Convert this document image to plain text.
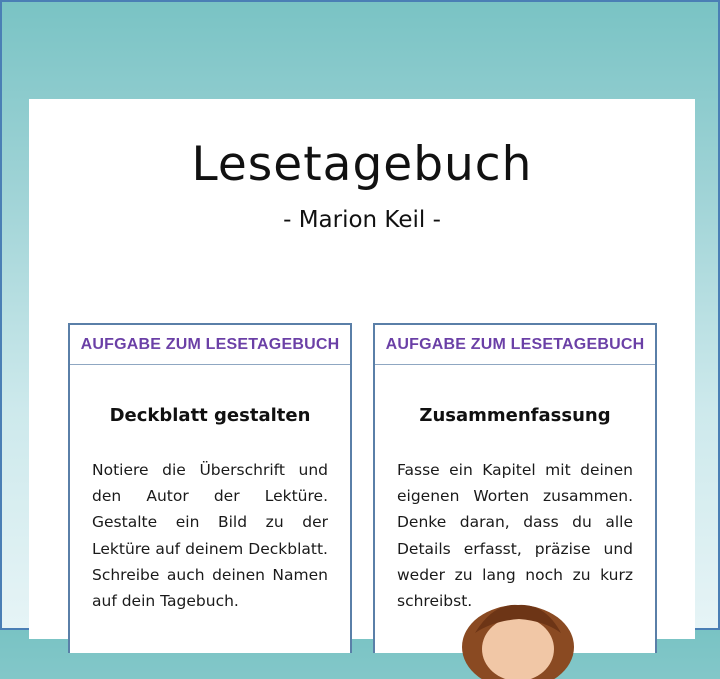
Lesetagebuch
- Marion Keil -
AUFGABE ZUM LESETAGEBUCH
Deckblatt gestalten
Notiere die Überschrift und den Autor der Lektüre. Gestalte ein Bild zu der Lektüre auf deinem Deckblatt. Schreibe auch deinen Namen auf dein Tagebuch.
AUFGABE ZUM LESETAGEBUCH
Zusammenfassung
Fasse ein Kapitel mit deinen eigenen Worten zusammen. Denke daran, dass du alle Details erfasst, präzise und weder zu lang noch zu kurz schreibst.
